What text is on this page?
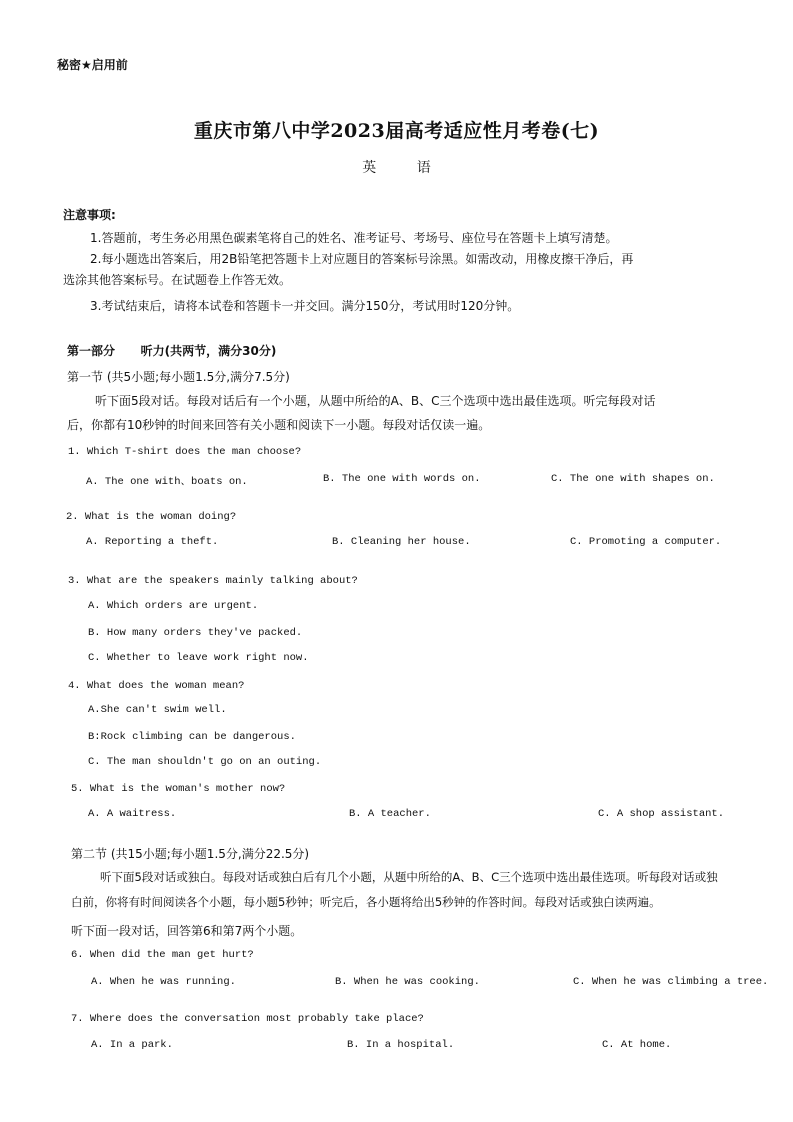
秘密★启用前
重庆市第八中学2023届高考适应性月考卷(七)
英 语
注意事项:
1.答题前，考生务必用黑色碳素笔将自己的姓名、准考证号、考场号、座位号在答题卡上填写清楚。
2.每小题选出答案后，用2B铅笔把答题卡上对应题目的答案标号涂黑。如需改动，用橡皮擦干净后，再
选涂其他答案标号。在试题卷上作答无效。
3.考试结束后，请将本试卷和答题卡一并交回。满分150分，考试用时120分钟。
第一部分 听力(共两节，满分30分)
第一节 (共5小题;每小题1.5分,满分7.5分)
听下面5段对话。每段对话后有一个小题，从题中所给的A、B、C三个选项中选出最佳选项。听完每段对话
后，你都有10秒钟的时间来回答有关小题和阅读下一小题。每段对话仅读一遍。
1. Which T-shirt does the man choose?
A. The one with、boats on.	B. The one with words on.	C. The one with shapes on.
2. What is the woman doing?
A. Reporting a theft.	B. Cleaning her house.	C. Promoting a computer.
3. What are the speakers mainly talking about?
A. Which orders are urgent.
B. How many orders they've packed.
C. Whether to leave work right now.
4. What does the woman mean?
A.She can't swim well.
B:Rock climbing can be dangerous.
C. The man shouldn't go on an outing.
5. What is the woman's mother now?
A. A waitress.	B. A teacher.	C. A shop assistant.
第二节 (共15小题;每小题1.5分,满分22.5分)
听下面5段对话或独白。每段对话或独白后有几个小题，从题中所给的A、B、C三个选项中选出最佳选项。听每段对话或独
白前，你将有时间阅读各个小题，每小题5秒钟；听完后，各小题将给出5秒钟的作答时间。每段对话或独白读两遍。
听下面一段对话，回答第6和第7两个小题。
6. When did the man get hurt?
A. When he was running.	B. When he was cooking.	C. When he was climbing a tree.
7. Where does the conversation most probably take place?
A. In a park.	B. In a hospital.	C. At home.
